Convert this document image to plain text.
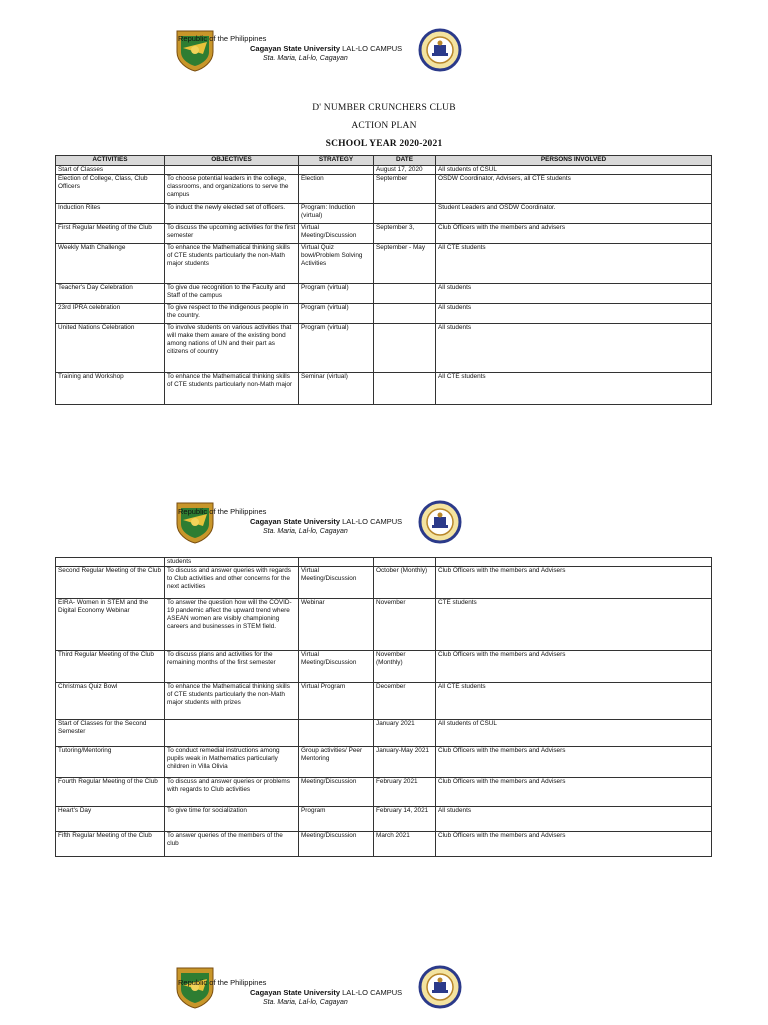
Republic of the Philippines
Cagayan State University LAL-LO CAMPUS
Sta. Maria, Lal-lo, Cagayan
D' NUMBER CRUNCHERS CLUB
ACTION PLAN
SCHOOL YEAR 2020-2021
ACTIVITIES	OBJECTIVES	STRATEGY	DATE	PERSONS INVOLVED
Start of Classes			August 17, 2020	All students of CSUL
Election of College, Class, Club Officers	To choose potential leaders in the college, classrooms, and organizations to serve the campus	Election	September	OSDW Coordinator, Advisers, all CTE students
Induction Rites	To induct the newly elected set of officers.	Program: Induction (virtual)		Student Leaders and OSDW Coordinator.
First Regular Meeting of the Club	To discuss the upcoming activities for the first semester	Virtual Meeting/Discussion	September 3,	Club Officers with the members and advisers
Weekly Math Challenge	To enhance the Mathematical thinking skills of CTE students particularly the non-Math major students	Virtual Quiz bowl/Problem Solving Activities	September - May	All CTE students
Teacher's Day Celebration	To give due recognition to the Faculty and Staff of the campus	Program (virtual)		All students
23rd IPRA celebration	To give respect to the indigenous people in the country.	Program (virtual)		All students
United Nations Celebration	To involve students on various activities that will make them aware of the existing bond among nations of UN and their part as citizens of country	Program (virtual)		All students
Training and Workshop	To enhance the Mathematical thinking skills of CTE students particularly non-Math major	Seminar (virtual)		All CTE students
Republic of the Philippines
Cagayan State University LAL-LO CAMPUS
Sta. Maria, Lal-lo, Cagayan
	students			
Second Regular Meeting of the Club	To discuss and answer queries with regards to Club activities and other concerns for the next activities	Virtual Meeting/Discussion	October (Monthly)	Club Officers with the members and Advisers
EIRA- Women in STEM and the Digital Economy Webinar	To answer the question how will the COVID-19 pandemic affect the upward trend where ASEAN women are visibly championing careers and businesses in STEM field.	Webinar	November	CTE students
Third Regular Meeting of the Club	To discuss plans and activities for the remaining months of the first semester	Virtual Meeting/Discussion	November (Monthly)	Club Officers with the members and Advisers
Christmas Quiz Bowl	To enhance the Mathematical thinking skills of CTE students particularly the non-Math major students with prizes	Virtual Program	December	All CTE students
Start of Classes for the Second Semester			January 2021	All students of CSUL
Tutoring/Mentoring	To conduct remedial instructions among pupils weak in Mathematics particularly children in Villa Olivia	Group activities/ Peer Mentoring	January-May 2021	Club Officers with the members and Advisers
Fourth Regular Meeting of the Club	To discuss and answer queries or problems with regards to Club activities	Meeting/Discussion	February 2021	Club Officers with the members and Advisers
Heart's Day	To give time for socialization	Program	February 14, 2021	All students
Fifth Regular Meeting of the Club	To answer queries of the members of the club	Meeting/Discussion	March 2021	Club Officers with the members and Advisers
Republic of the Philippines
Cagayan State University LAL-LO CAMPUS
Sta. Maria, Lal-lo, Cagayan
